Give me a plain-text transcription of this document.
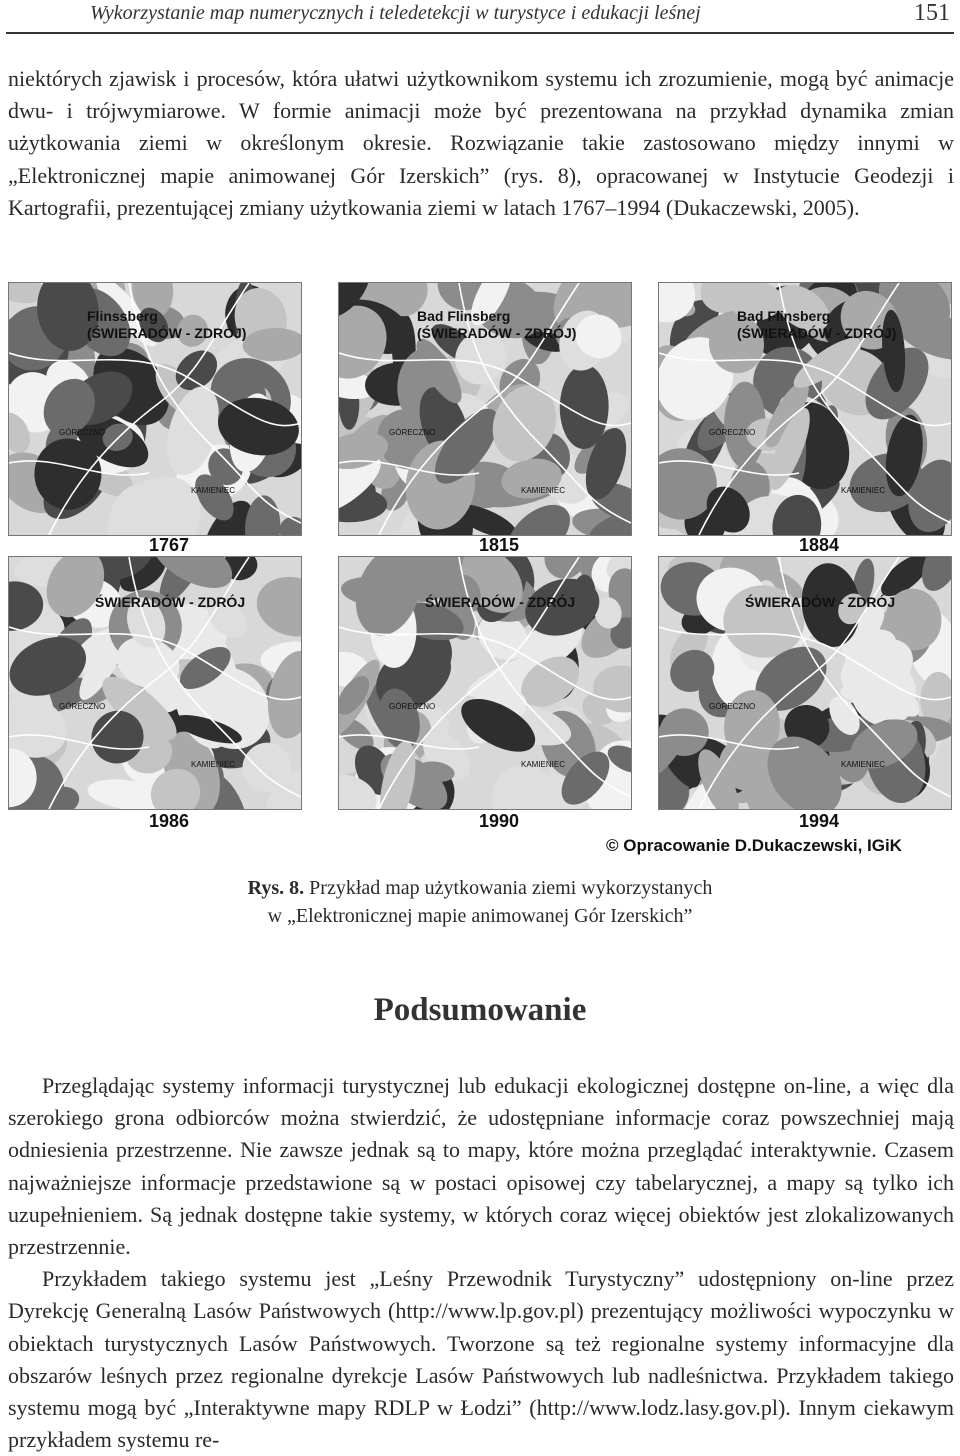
Wykorzystanie map numerycznych i teledetekcji w turystyce i edukacji leśnej	151

niektórych zjawisk i procesów, która ułatwi użytkownikom systemu ich zrozumienie, mogą być animacje dwu- i trójwymiarowe. W formie animacji może być prezentowana na przykład dynamika zmian użytkowania ziemi w określonym okresie. Rozwiązanie takie zastosowano między innymi w „Elektronicznej mapie animowanej Gór Izerskich” (rys. 8), opracowanej w Instytucie Geodezji i Kartografii, prezentującej zmiany użytkowania ziemi w latach 1767–1994 (Dukaczewski, 2005).

Flinssberg
(ŚWIERADÓW - ZDRÓJ)
GÓRECZNO
KAMIENIEC
Bad Flinsberg
(ŚWIERADÓW - ZDRÓJ)
GÓRECZNO
KAMIENIEC
Bad Flinsberg
(ŚWIERADÓW - ZDRÓJ)
GÓRECZNO
KAMIENIEC
ŚWIERADÓW - ZDRÓJ
GÓRECZNO
KAMIENIEC
ŚWIERADÓW - ZDRÓJ
GÓRECZNO
KAMIENIEC
ŚWIERADÓW - ZDRÓJ
GÓRECZNO
KAMIENIEC
1767	1815	1884
1986	1990	1994
© Opracowanie D.Dukaczewski, IGiK
Rys. 8. Przykład map użytkowania ziemi wykorzystanych
w „Elektronicznej mapie animowanej Gór Izerskich”
Podsumowanie

Przeglądając systemy informacji turystycznej lub edukacji ekologicznej dostępne on-line, a więc dla szerokiego grona odbiorców można stwierdzić, że udostępniane informacje coraz powszechniej mają odniesienia przestrzenne. Nie zawsze jednak są to mapy, które można przeglądać interaktywnie. Czasem najważniejsze informacje przedstawione są w postaci opisowej czy tabelarycznej, a mapy są tylko ich uzupełnieniem. Są jednak dostępne takie systemy, w których coraz więcej obiektów jest zlokalizowanych przestrzennie.

Przykładem takiego systemu jest „Leśny Przewodnik Turystyczny” udostępniony on-line przez Dyrekcję Generalną Lasów Państwowych (http://www.lp.gov.pl) prezentujący możliwości wypoczynku w obiektach turystycznych Lasów Państwowych. Tworzone są też regionalne systemy informacyjne dla obszarów leśnych przez regionalne dyrekcje Lasów Państwowych lub nadleśnictwa. Przykładem takiego systemu mogą być „Interaktywne mapy RDLP w Łodzi” (http://www.lodz.lasy.gov.pl). Innym ciekawym przykładem systemu re-
